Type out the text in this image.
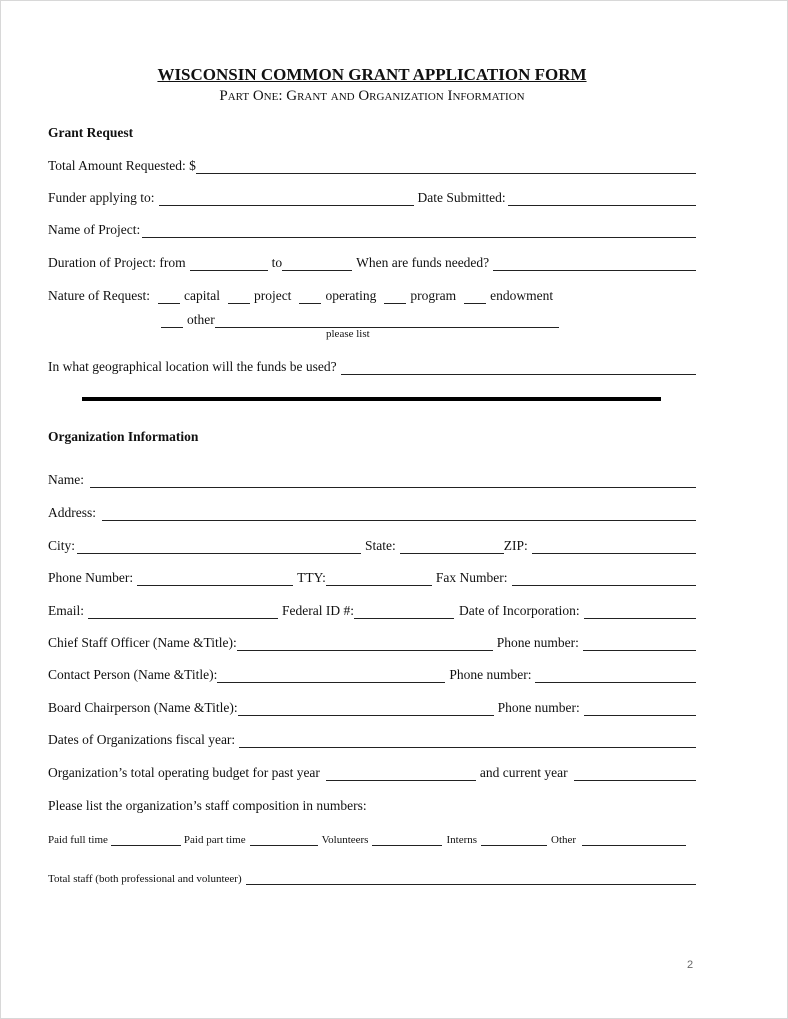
WISCONSIN COMMON GRANT APPLICATION FORM
Part One: Grant and Organization Information
Grant Request
Total Amount Requested: $
Funder applying to:	Date Submitted:
Name of Project:
Duration of Project: from	to	When are funds needed?
Nature of Request:	capital	project	operating	program	endowment
other
please list
In what geographical location will the funds be used?
Organization Information
Name:
Address:
City:	State:	ZIP:
Phone Number:	TTY:	Fax Number:
Email:	Federal ID #:	Date of Incorporation:
Chief Staff Officer (Name &Title):	Phone number:
Contact Person (Name &Title):	Phone number:
Board Chairperson (Name &Title):	Phone number:
Dates of Organizations fiscal year:
Organization’s total operating budget for past year	and current year
Please list the organization’s staff composition in numbers:
Paid full time	Paid part time	Volunteers	Interns	Other
Total staff (both professional and volunteer)
2
